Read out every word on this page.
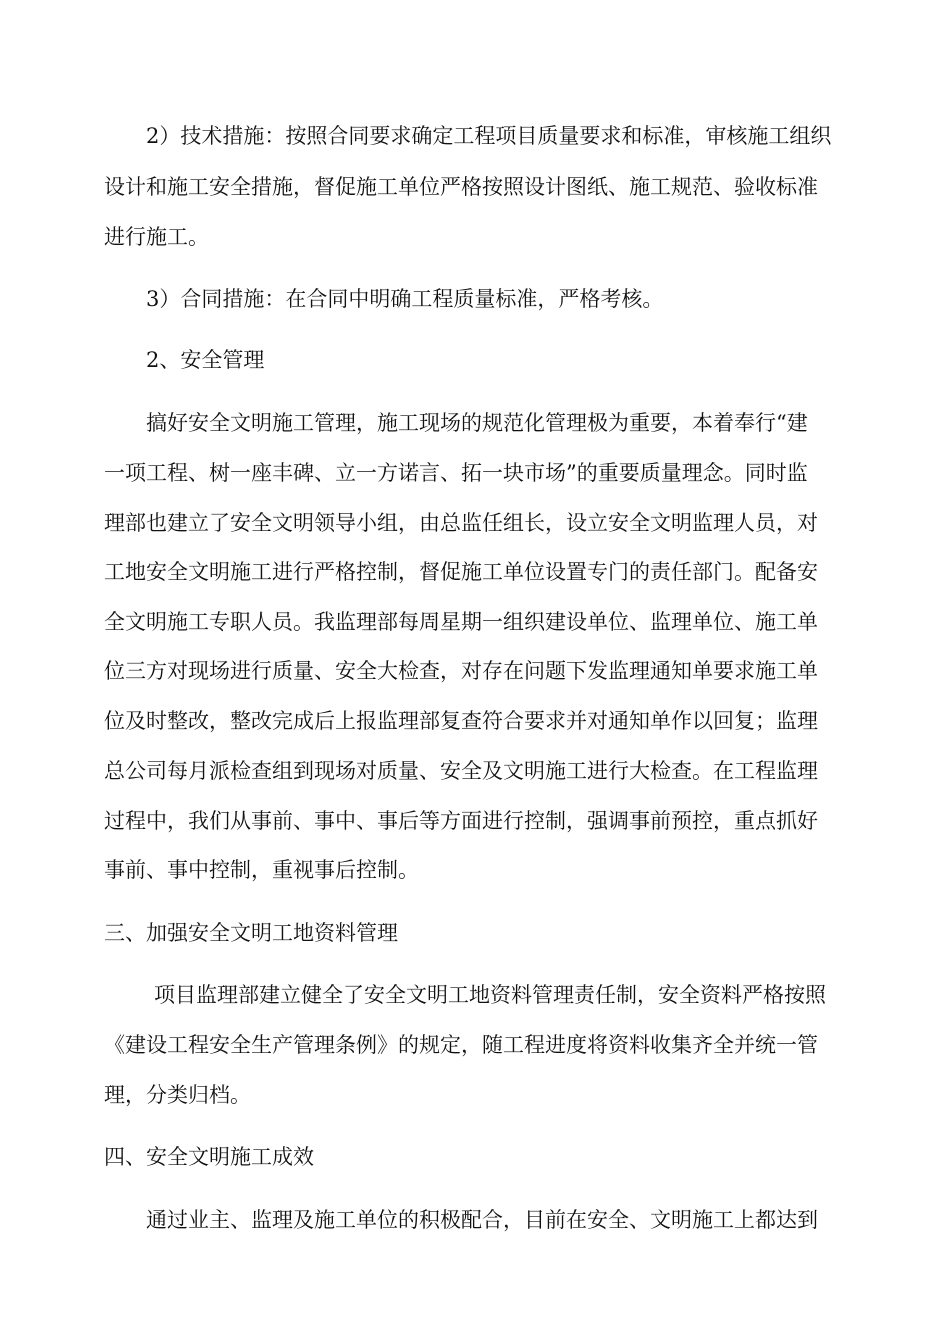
2）技术措施：按照合同要求确定工程项目质量要求和标准，审核施工组织
设计和施工安全措施，督促施工单位严格按照设计图纸、施工规范、验收标准
进行施工。
3）合同措施：在合同中明确工程质量标准，严格考核。
2、安全管理
搞好安全文明施工管理，施工现场的规范化管理极为重要，本着奉行“建
一项工程、树一座丰碑、立一方诺言、拓一块市场”的重要质量理念。同时监
理部也建立了安全文明领导小组，由总监任组长，设立安全文明监理人员，对
工地安全文明施工进行严格控制，督促施工单位设置专门的责任部门。配备安
全文明施工专职人员。我监理部每周星期一组织建设单位、监理单位、施工单
位三方对现场进行质量、安全大检查，对存在问题下发监理通知单要求施工单
位及时整改，整改完成后上报监理部复查符合要求并对通知单作以回复；监理
总公司每月派检查组到现场对质量、安全及文明施工进行大检查。在工程监理
过程中，我们从事前、事中、事后等方面进行控制，强调事前预控，重点抓好
事前、事中控制，重视事后控制。
三、加强安全文明工地资料管理
项目监理部建立健全了安全文明工地资料管理责任制，安全资料严格按照
《建设工程安全生产管理条例》的规定，随工程进度将资料收集齐全并统一管
理，分类归档。
四、安全文明施工成效
通过业主、监理及施工单位的积极配合，目前在安全、文明施工上都达到
